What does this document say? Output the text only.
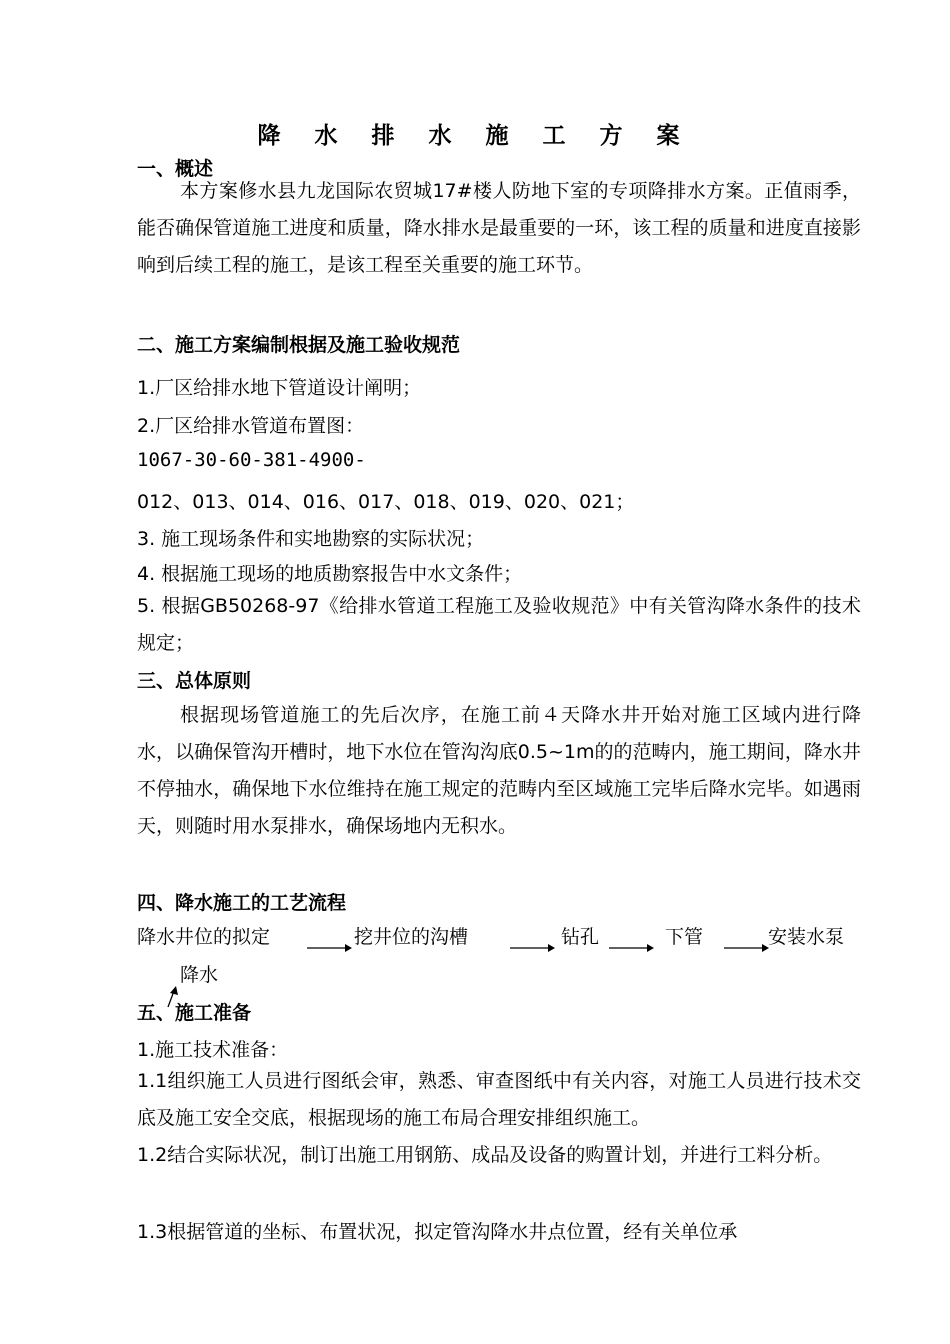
降 水 排 水 施 工 方 案
一、概述

本方案修水县九龙国际农贸城17#楼人防地下室的专项降排水方案。正值雨季，能否确保管道施工进度和质量，降水排水是最重要的一环，该工程的质量和进度直接影响到后续工程的施工，是该工程至关重要的施工环节。

二、施工方案编制根据及施工验收规范
1.厂区给排水地下管道设计阐明；
2.厂区给排水管道布置图：
1067-30-60-381-4900-
012、013、014、016、017、018、019、020、021；
3. 施工现场条件和实地勘察的实际状况；
4. 根据施工现场的地质勘察报告中水文条件；

5. 根据GB50268-97《给排水管道工程施工及验收规范》中有关管沟降水条件的技术规定；

三、总体原则

根据现场管道施工的先后次序，在施工前４天降水井开始对施工区域内进行降水，以确保管沟开槽时，地下水位在管沟沟底0.5~1m的的范畴内，施工期间，降水井不停抽水，确保地下水位维持在施工规定的范畴内至区域施工完毕后降水完毕。如遇雨天，则随时用水泵排水，确保场地内无积水。

四、降水施工的工艺流程
降水井位的拟定	挖井位的沟槽	钻孔	下管	安装水泵
降水
五、施工准备
1.施工技术准备：

1.1组织施工人员进行图纸会审，熟悉、审查图纸中有关内容，对施工人员进行技术交底及施工安全交底，根据现场的施工布局合理安排组织施工。

1.2结合实际状况，制订出施工用钢筋、成品及设备的购置计划，并进行工料分析。

1.3根据管道的坐标、布置状况，拟定管沟降水井点位置，经有关单位承
